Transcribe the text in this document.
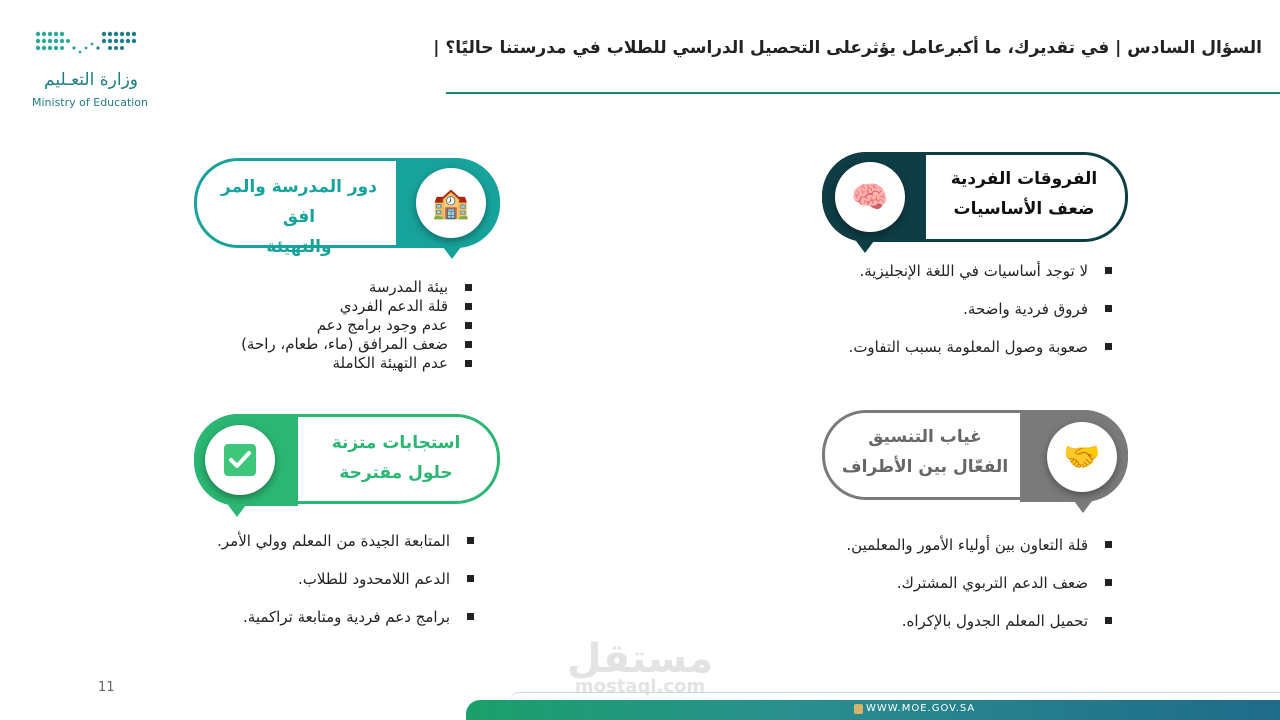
وزارة التعـليم
Ministry of Education
السؤال السادس | في تقديرك، ما أكبرعامل يؤثرعلى التحصيل الدراسي للطلاب في مدرستنا حاليًا؟ |
🧠
الفروقات الفردية
ضعف الأساسيات
لا توجد أساسيات في اللغة الإنجليزية.
فروق فردية واضحة.
صعوبة وصول المعلومة بسبب التفاوت.
🏫
دور المدرسة والمر افق
والتهيئة
بيئة المدرسة
قلة الدعم الفردي
عدم وجود برامج دعم
ضعف المرافق (ماء، طعام، راحة)
عدم التهيئة الكاملة
🤝
غياب التنسيق
الفعّال بين الأطراف
قلة التعاون بين أولياء الأمور والمعلمين.
ضعف الدعم التربوي المشترك.
تحميل المعلم الجدول بالإكراه.
استجابات متزنة
حلول مقترحة
المتابعة الجيدة من المعلم وولي الأمر.
الدعم اللامحدود للطلاب.
برامج دعم فردية ومتابعة تراكمية.
11
مستقل
mostaql.com
WWW.MOE.GOV.SA
